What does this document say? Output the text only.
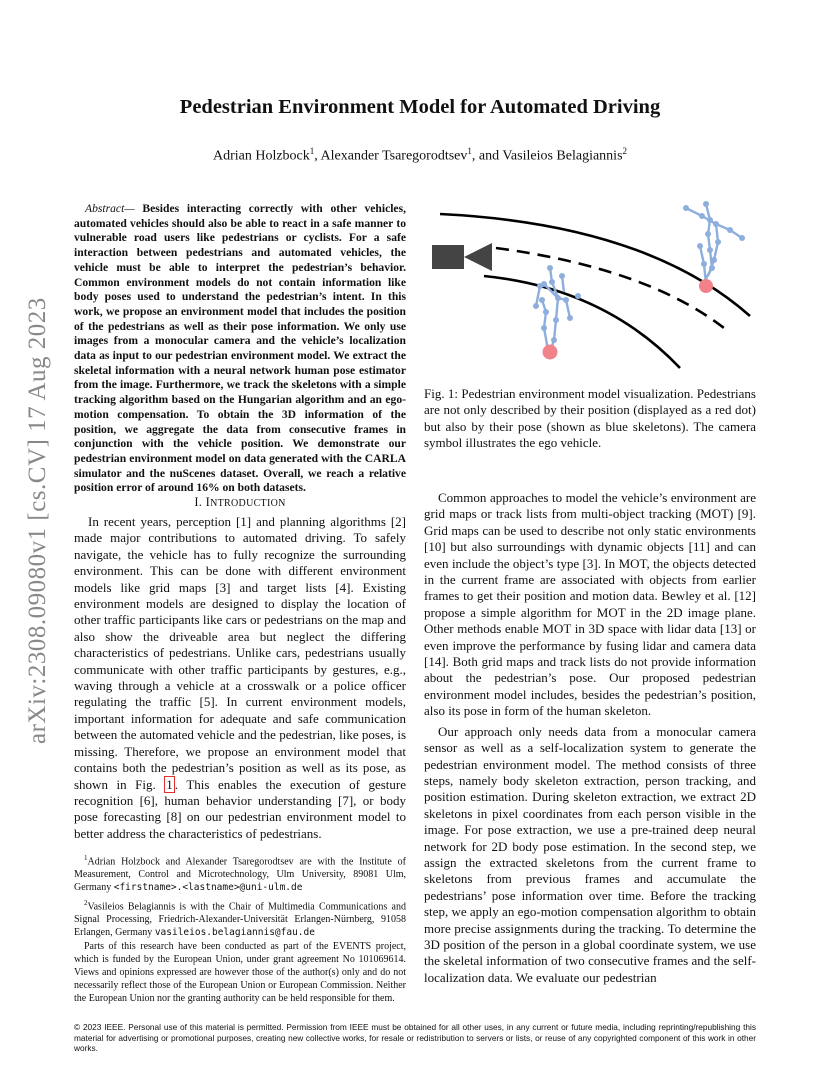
arXiv:2308.09080v1 [cs.CV] 17 Aug 2023
Pedestrian Environment Model for Automated Driving
Adrian Holzbock$^1$, Alexander Tsaregorodtsev$^1$, and Vasileios Belagiannis$^2$
Abstract— Besides interacting correctly with other vehicles, automated vehicles should also be able to react in a safe manner to vulnerable road users like pedestrians or cyclists. For a safe interaction between pedestrians and automated vehicles, the vehicle must be able to interpret the pedestrian’s behavior. Common environment models do not contain information like body poses used to understand the pedestrian’s intent. In this work, we propose an environment model that includes the position of the pedestrians as well as their pose information. We only use images from a monocular camera and the vehicle’s localization data as input to our pedestrian environment model. We extract the skeletal information with a neural network human pose estimator from the image. Furthermore, we track the skeletons with a simple tracking algorithm based on the Hungarian algorithm and an ego-motion compensation. To obtain the 3D information of the position, we aggregate the data from consecutive frames in conjunction with the vehicle position. We demonstrate our pedestrian environment model on data generated with the CARLA simulator and the nuScenes dataset. Overall, we reach a relative position error of around 16% on both datasets.
I. INTRODUCTION

In recent years, perception [1] and planning algorithms [2] made major contributions to automated driving. To safely navigate, the vehicle has to fully recognize the surrounding environment. This can be done with different environment models like grid maps [3] and target lists [4]. Existing environment models are designed to display the location of other traffic participants like cars or pedestrians on the map and also show the driveable area but neglect the differing characteristics of pedestrians. Unlike cars, pedestrians usually communicate with other traffic participants by gestures, e.g., waving through a vehicle at a crosswalk or a police officer regulating the traffic [5]. In current environment models, important information for adequate and safe communication between the automated vehicle and the pedestrian, like poses, is missing. Therefore, we propose an environment model that contains both the pedestrian’s position as well as its pose, as shown in Fig. 1 . This enables the execution of gesture recognition [6], human behavior understanding [7], or body pose forecasting [8] on our pedestrian environment model to better address the characteristics of pedestrians.

$^1$Adrian Holzbock and Alexander Tsaregorodtsev are with the Institute of Measurement, Control and Microtechnology, Ulm University, 89081 Ulm, Germany <firstname>.<lastname>@uni-ulm.de

$^2$Vasileios Belagiannis is with the Chair of Multimedia Communications and Signal Processing, Friedrich-Alexander-Universität Erlangen-Nürnberg, 91058 Erlangen, Germany vasileios.belagiannis@fau.de

Parts of this research have been conducted as part of the EVENTS project, which is funded by the European Union, under grant agreement No 101069614. Views and opinions expressed are however those of the author(s) only and do not necessarily reflect those of the European Union or European Commission. Neither the European Union nor the granting authority can be held responsible for them.

Fig. 1: Pedestrian environment model visualization. Pedestrians are not only described by their position (displayed as a red dot) but also by their pose (shown as blue skeletons). The camera symbol illustrates the ego vehicle.

Common approaches to model the vehicle’s environment are grid maps or track lists from multi-object tracking (MOT) [9]. Grid maps can be used to describe not only static environments [10] but also surroundings with dynamic objects [11] and can even include the object’s type [3]. In MOT, the objects detected in the current frame are associated with objects from earlier frames to get their position and motion data. Bewley et al. [12] propose a simple algorithm for MOT in the 2D image plane. Other methods enable MOT in 3D space with lidar data [13] or even improve the performance by fusing lidar and camera data [14]. Both grid maps and track lists do not provide information about the pedestrian’s pose. Our proposed pedestrian environment model includes, besides the pedestrian’s position, also its pose in form of the human skeleton.

Our approach only needs data from a monocular camera sensor as well as a self-localization system to generate the pedestrian environment model. The method consists of three steps, namely body skeleton extraction, person tracking, and position estimation. During skeleton extraction, we extract 2D skeletons in pixel coordinates from each person visible in the image. For pose extraction, we use a pre-trained deep neural network for 2D body pose estimation. In the second step, we assign the extracted skeletons from the current frame to skeletons from previous frames and accumulate the pedestrians’ pose information over time. Before the tracking step, we apply an ego-motion compensation algorithm to obtain more precise assignments during the tracking. To determine the 3D position of the person in a global coordinate system, we use the skeletal information of two consecutive frames and the self-localization data. We evaluate our pedestrian

© 2023 IEEE. Personal use of this material is permitted. Permission from IEEE must be obtained for all other uses, in any current or future media, including reprinting/republishing this material for advertising or promotional purposes, creating new collective works, for resale or redistribution to servers or lists, or reuse of any copyrighted component of this work in other works.
